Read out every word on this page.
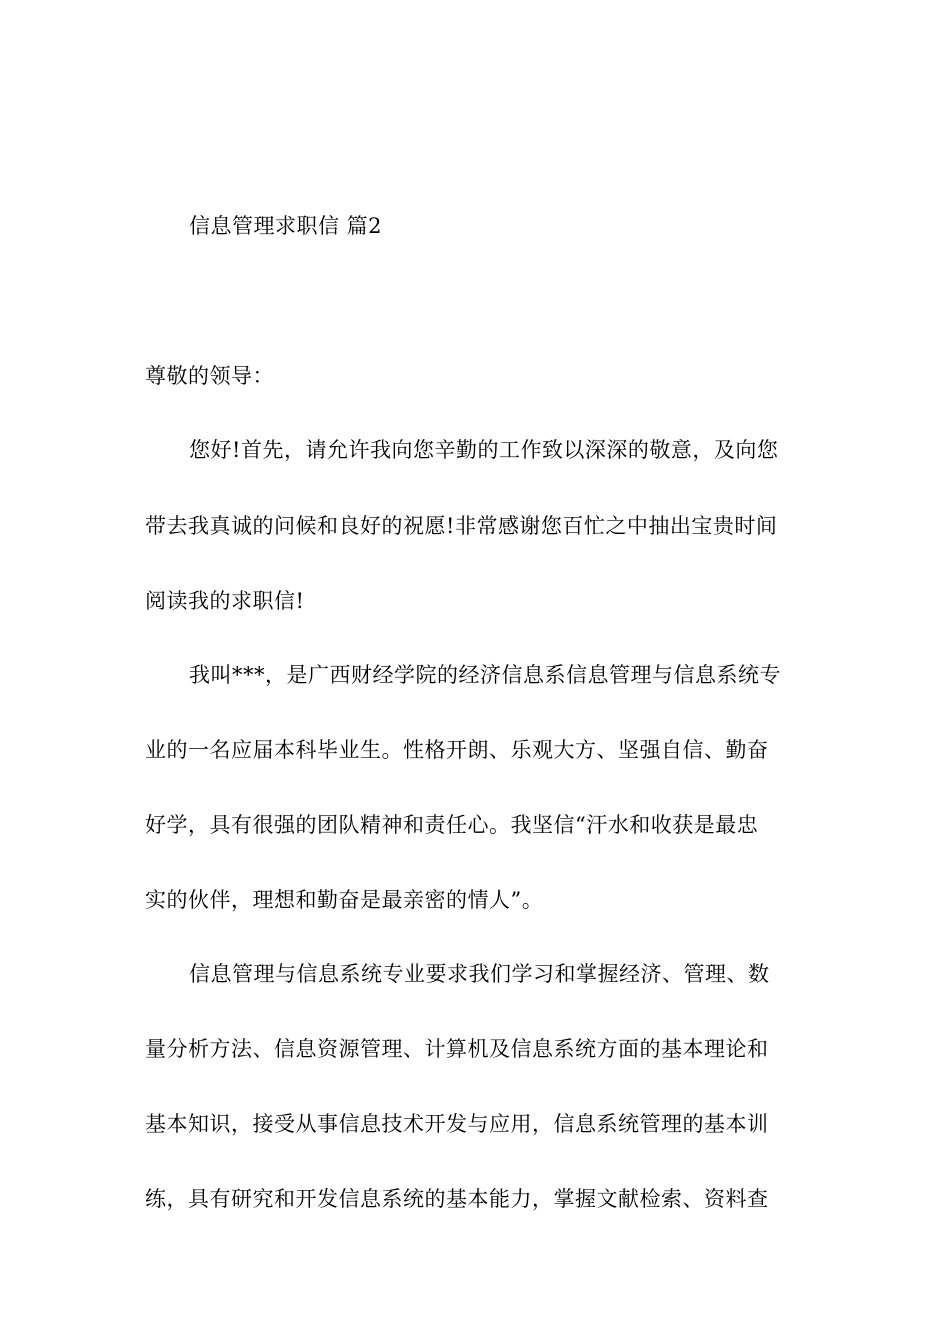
信息管理求职信 篇2
尊敬的领导：
您好!首先，请允许我向您辛勤的工作致以深深的敬意，及向您
带去我真诚的问候和良好的祝愿!非常感谢您百忙之中抽出宝贵时间
阅读我的求职信!
我叫***，是广西财经学院的经济信息系信息管理与信息系统专
业的一名应届本科毕业生。性格开朗、乐观大方、坚强自信、勤奋
好学，具有很强的团队精神和责任心。我坚信“汗水和收获是最忠
实的伙伴，理想和勤奋是最亲密的情人”。
信息管理与信息系统专业要求我们学习和掌握经济、管理、数
量分析方法、信息资源管理、计算机及信息系统方面的基本理论和
基本知识，接受从事信息技术开发与应用，信息系统管理的基本训
练，具有研究和开发信息系统的基本能力，掌握文献检索、资料查
